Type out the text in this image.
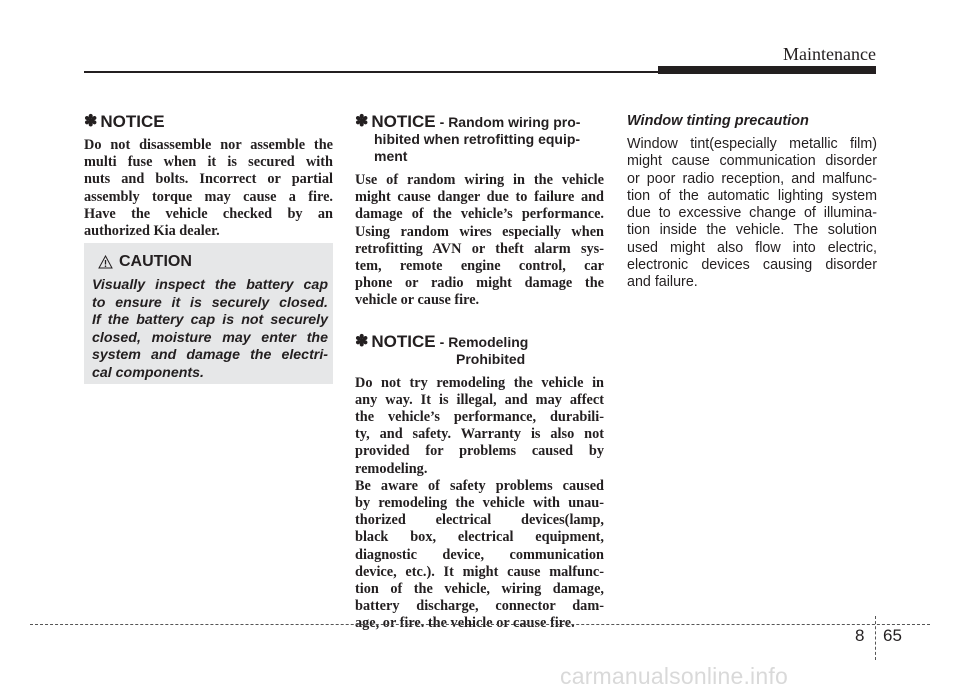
Maintenance
✽ NOTICE
Do not disassemble nor assemble the
multi fuse when it is secured with
nuts and bolts. Incorrect or partial
assembly torque may cause a fire.
Have the vehicle checked by an
authorized Kia dealer.
CAUTION
Visually inspect the battery cap
to ensure it is securely closed.
If the battery cap is not securely
closed, moisture may enter the
system and damage the electri-
cal components.
✽ NOTICE - Random wiring pro-
hibited when retrofitting equip-
ment
Use of random wiring in the vehicle
might cause danger due to failure and
damage of the vehicle’s performance.
Using random wires especially when
retrofitting AVN or theft alarm sys-
tem, remote engine control, car
phone or radio might damage the
vehicle or cause fire.
✽ NOTICE - Remodeling
Prohibited
Do not try remodeling the vehicle in
any way. It is illegal, and may affect
the vehicle’s performance, durabili-
ty, and safety. Warranty is also not
provided for problems caused by
remodeling.
Be aware of safety problems caused
by remodeling the vehicle with unau-
thorized electrical devices(lamp,
black box, electrical equipment,
diagnostic device, communication
device, etc.). It might cause malfunc-
tion of the vehicle, wiring damage,
battery discharge, connector dam-
age, or fire. the vehicle or cause fire.
Window tinting precaution
Window tint(especially metallic film)
might cause communication disorder
or poor radio reception, and malfunc-
tion of the automatic lighting system
due to excessive change of illumina-
tion inside the vehicle. The solution
used might also flow into electric,
electronic devices causing disorder
and failure.
8 65
carmanualsonline.info
